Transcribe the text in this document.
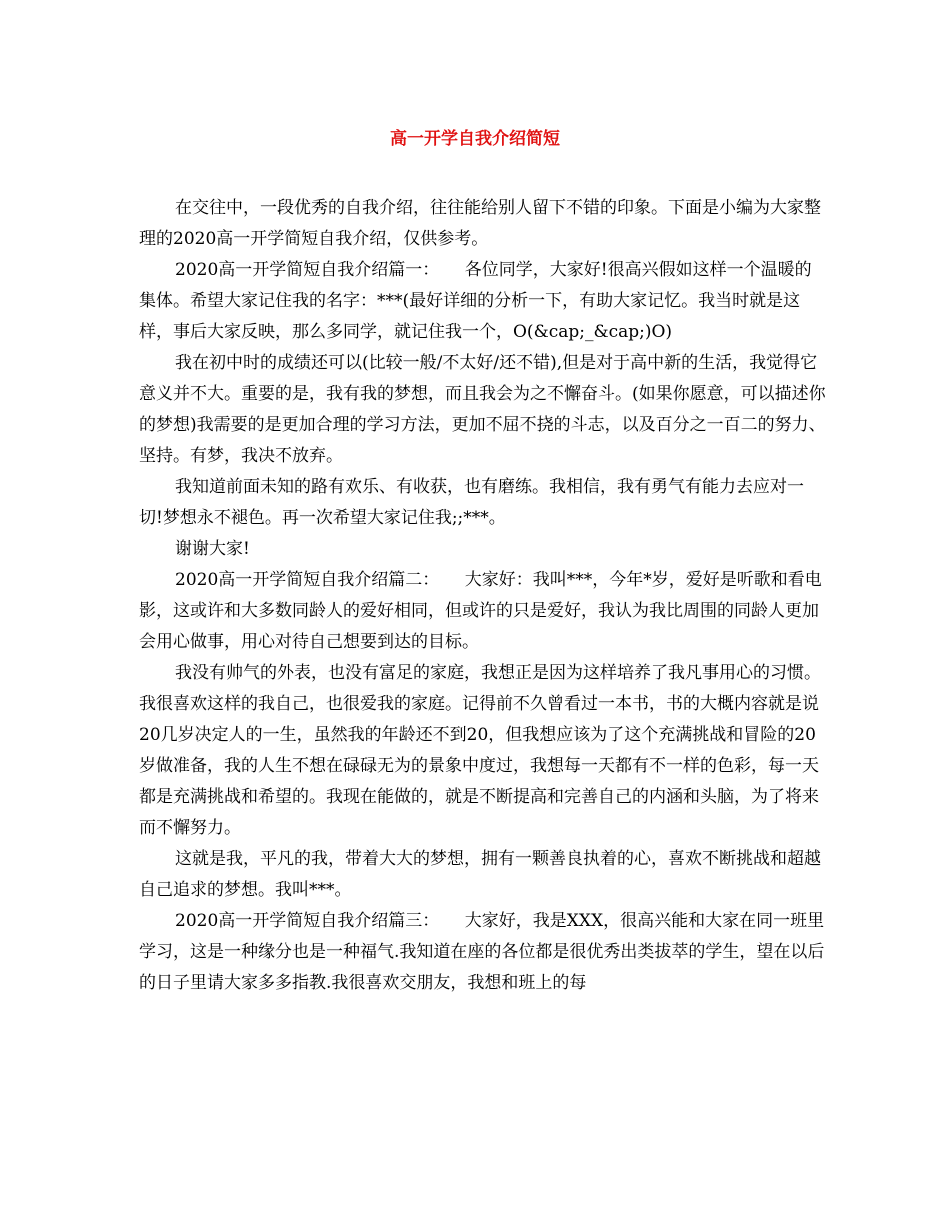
高一开学自我介绍简短

在交往中，一段优秀的自我介绍，往往能给别人留下不错的印象。下面是小编为大家整理的2020高一开学简短自我介绍，仅供参考。

2020高一开学简短自我介绍篇一：　　各位同学，大家好!很高兴假如这样一个温暖的集体。希望大家记住我的名字：***(最好详细的分析一下，有助大家记忆。我当时就是这样，事后大家反映，那么多同学，就记住我一个，O(&cap;_&cap;)O)

我在初中时的成绩还可以(比较一般/不太好/还不错),但是对于高中新的生活，我觉得它意义并不大。重要的是，我有我的梦想，而且我会为之不懈奋斗。(如果你愿意，可以描述你的梦想)我需要的是更加合理的学习方法，更加不屈不挠的斗志，以及百分之一百二的努力、坚持。有梦，我决不放弃。

我知道前面未知的路有欢乐、有收获，也有磨练。我相信，我有勇气有能力去应对一切!梦想永不褪色。再一次希望大家记住我;;***。

谢谢大家!

2020高一开学简短自我介绍篇二：　　大家好：我叫***，今年*岁，爱好是听歌和看电影，这或许和大多数同龄人的爱好相同，但或许的只是爱好，我认为我比周围的同龄人更加会用心做事，用心对待自己想要到达的目标。

我没有帅气的外表，也没有富足的家庭，我想正是因为这样培养了我凡事用心的习惯。我很喜欢这样的我自己，也很爱我的家庭。记得前不久曾看过一本书，书的大概内容就是说20几岁决定人的一生，虽然我的年龄还不到20，但我想应该为了这个充满挑战和冒险的20岁做准备，我的人生不想在碌碌无为的景象中度过，我想每一天都有不一样的色彩，每一天都是充满挑战和希望的。我现在能做的，就是不断提高和完善自己的内涵和头脑，为了将来而不懈努力。

这就是我，平凡的我，带着大大的梦想，拥有一颗善良执着的心，喜欢不断挑战和超越自己追求的梦想。我叫***。

2020高一开学简短自我介绍篇三：　　大家好，我是XXX，很高兴能和大家在同一班里学习，这是一种缘分也是一种福气.我知道在座的各位都是很优秀出类拔萃的学生，望在以后的日子里请大家多多指教.我很喜欢交朋友，我想和班上的每
